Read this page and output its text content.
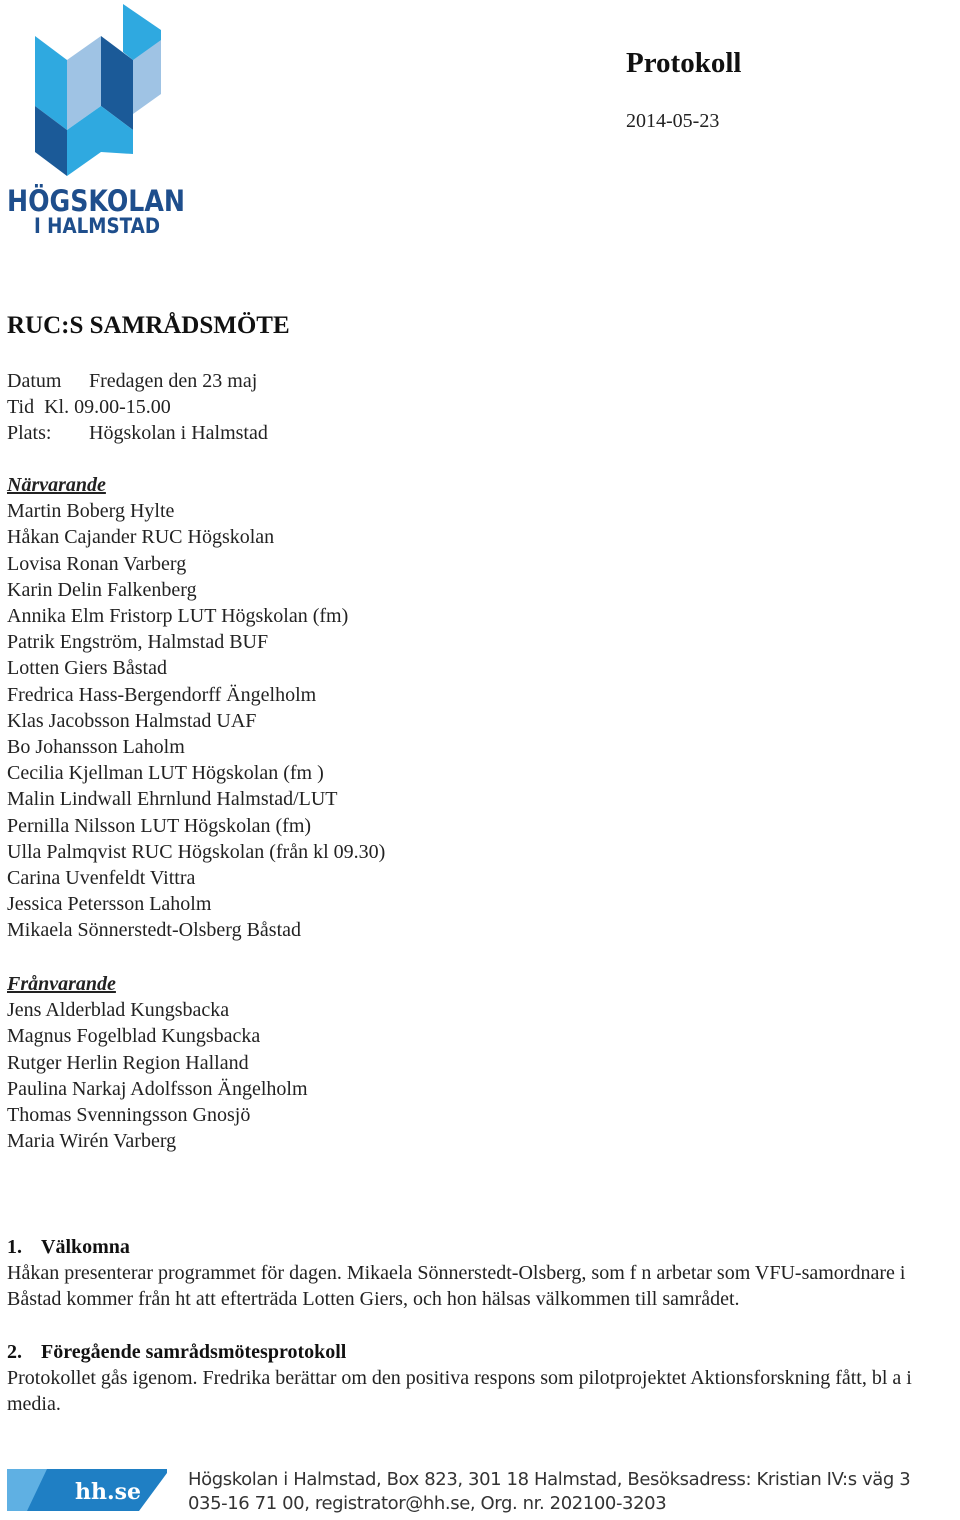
HÖGSKOLAN
I HALMSTAD
Protokoll
2014-05-23
RUC:S SAMRÅDSMÖTE
Datum Fredagen den 23 maj
Tid Kl. 09.00-15.00
Plats: Högskolan i Halmstad
Närvarande
Martin Boberg Hylte
Håkan Cajander RUC Högskolan
Lovisa Ronan Varberg
Karin Delin Falkenberg
Annika Elm Fristorp LUT Högskolan (fm)
Patrik Engström, Halmstad BUF
Lotten Giers Båstad
Fredrica Hass-Bergendorff Ängelholm
Klas Jacobsson Halmstad UAF
Bo Johansson Laholm
Cecilia Kjellman LUT Högskolan (fm )
Malin Lindwall Ehrnlund Halmstad/LUT
Pernilla Nilsson LUT Högskolan (fm)
Ulla Palmqvist RUC Högskolan (från kl 09.30)
Carina Uvenfeldt Vittra
Jessica Petersson Laholm
Mikaela Sönnerstedt-Olsberg Båstad
Frånvarande
Jens Alderblad Kungsbacka
Magnus Fogelblad Kungsbacka
Rutger Herlin Region Halland
Paulina Narkaj Adolfsson Ängelholm
Thomas Svenningsson Gnosjö
Maria Wirén Varberg
1. Välkomna

Håkan presenterar programmet för dagen. Mikaela Sönnerstedt-Olsberg, som f n arbetar som VFU-samordnare i Båstad kommer från ht att efterträda Lotten Giers, och hon hälsas välkommen till samrådet.

2. Föregående samrådsmötesprotokoll

Protokollet gås igenom. Fredrika berättar om den positiva respons som pilotprojektet Aktionsforskning fått, bl a i media.

hh.se	Högskolan i Halmstad, Box 823, 301 18 Halmstad, Besöksadress: Kristian IV:s väg 3
035-16 71 00, registrator@hh.se, Org. nr. 202100-3203
